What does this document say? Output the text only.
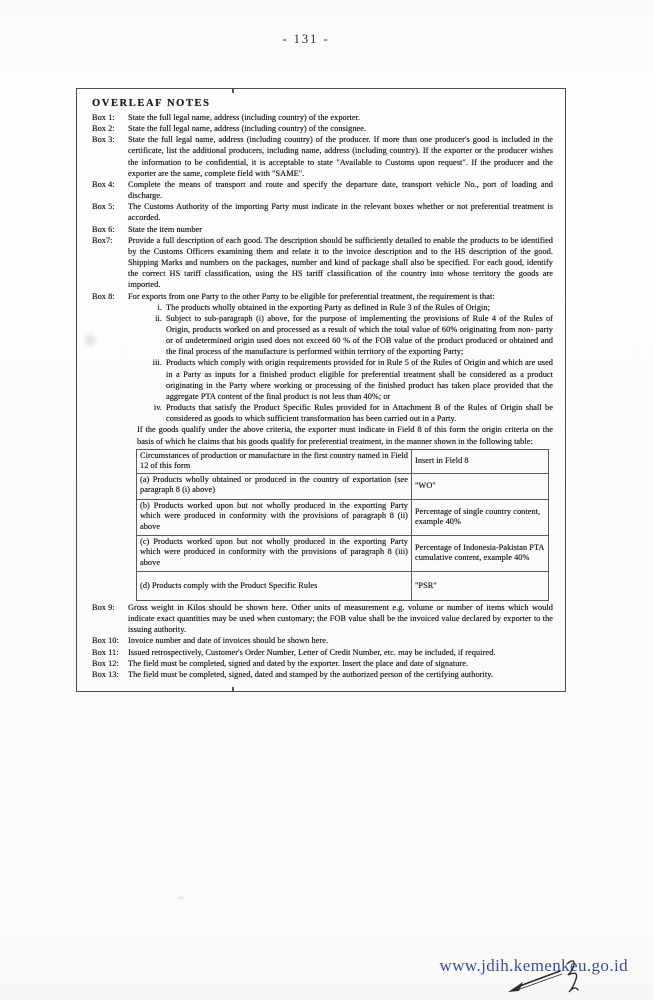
- 131 -
OVERLEAF NOTES
Box 1:	State the full legal name, address (including country) of the exporter.
Box 2:	State the full legal name, address (including country) of the consignee.
Box 3:	State the full legal name, address (including country) of the producer. If more than one producer's good is included in the certificate, list the additional producers, including name, address (including country). If the exporter or the producer wishes the information to be confidential, it is acceptable to state "Available to Customs upon request". If the producer and the exporter are the same, complete field with "SAME".
Box 4:	Complete the means of transport and route and specify the departure date, transport vehicle No., port of loading and discharge.
Box 5:	The Customs Authority of the importing Party must indicate in the relevant boxes whether or not preferential treatment is accorded.
Box 6:	State the item number
Box7:	Provide a full description of each good. The description should be sufficiently detailed to enable the products to be identified by the Customs Officers examining them and relate it to the invoice description and to the HS description of the good. Shipping Marks and numbers on the packages, number and kind of package shall also be specified. For each good, identify the correct HS tariff classification, using the HS tariff classification of the country into whose territory the goods are imported.
Box 8:	For exports from one Party to the other Party to be eligible for preferential treatment, the requirement is that:
i. The products wholly obtained in the exporting Party as defined in Rule 3 of the Rules of Origin;
ii. Subject to sub-paragraph (i) above, for the purpose of implementing the provisions of Rule 4 of the Rules of Origin, products worked on and processed as a result of which the total value of 60% originating from non- party or of undetermined origin used does not exceed 60 % of the FOB value of the product produced or obtained and the final process of the manufacture is performed within territory of the exporting Party;
iii. Products which comply with origin requirements provided for in Rule 5 of the Rules of Origin and which are used in a Party as inputs for a finished product eligible for preferential treatment shall be considered as a product originating in the Party where working or processing of the finished product has taken place provided that the aggregate PTA content of the final product is not less than 40%; or
iv. Products that satisfy the Product Specific Rules provided for in Attachment B of the Rules of Origin shall be considered as goods to which sufficient transformation has been carried out in a Party.
If the goods qualify under the above criteria, the exporter must indicate in Field 8 of this form the origin criteria on the basis of which he claims that his goods qualify for preferential treatment, in the manner shown in the following table:
Circumstances of production or manufacture in the first country named in Field 12 of this form	Insert in Field 8
(a) Products wholly obtained or produced in the country of exportation (see paragraph 8 (i) above)	"WO"
(b) Products worked upon but not wholly produced in the exporting Party which were produced in conformity with the provisions of paragraph 8 (ii) above	Percentage of single country content, example 40%
(c) Products worked upon but not wholly produced in the exporting Party which were produced in conformity with the provisions of paragraph 8 (iii) above	Percentage of Indonesia-Pakistan PTA cumulative content, example 40%
(d) Products comply with the Product Specific Rules	"PSR"
Box 9:	Gross weight in Kilos should be shown here. Other units of measurement e.g. volume or number of items which would indicate exact quantities may be used when customary; the FOB value shall be the invoiced value declared by exporter to the issuing authority.
Box 10:	Invoice number and date of invoices should be shown here.
Box 11:	Issued retrospectively, Customer's Order Number, Letter of Credit Number, etc. may be included, if required.
Box 12:	The field must be completed, signed and dated by the exporter. Insert the place and date of signature.
Box 13:	The field must be completed, signed, dated and stamped by the authorized person of the certifying authority.
www.jdih.kemenkeu.go.id
